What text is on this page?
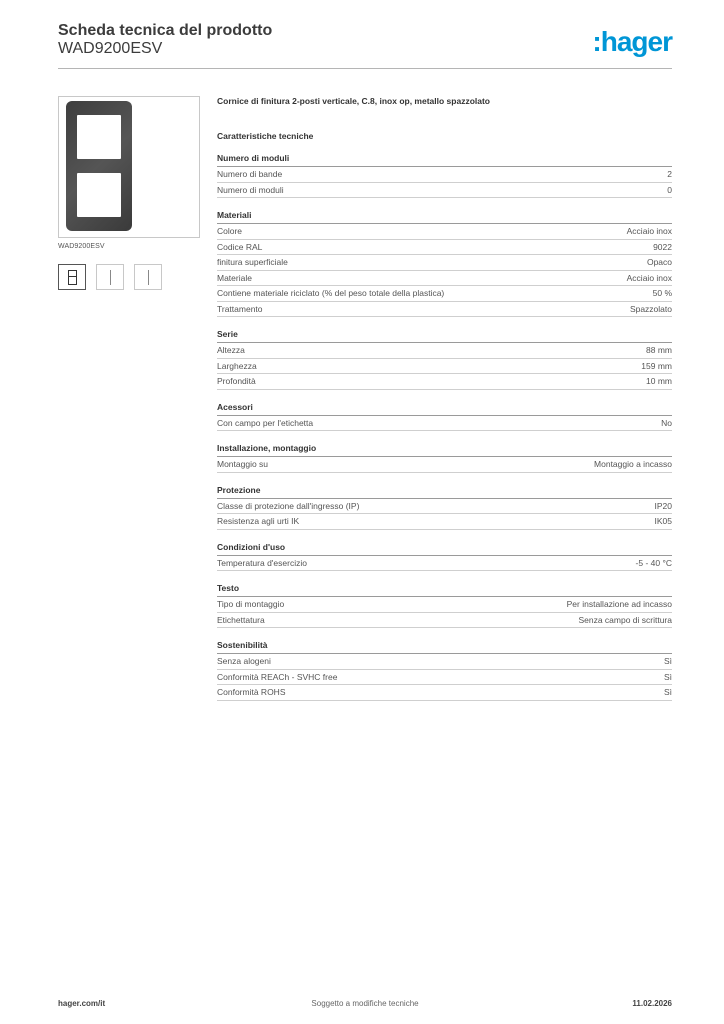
Scheda tecnica del prodotto
WAD9200ESV	:hager
WAD9200ESV
Cornice di finitura 2-posti verticale, C.8, inox op, metallo spazzolato
Caratteristiche tecniche
Numero di moduli
Numero di bande	2
Numero di moduli	0
Materiali
Colore	Acciaio inox
Codice RAL	9022
finitura superficiale	Opaco
Materiale	Acciaio inox
Contiene materiale riciclato (% del peso totale della plastica)	50 %
Trattamento	Spazzolato
Serie
Altezza	88 mm
Larghezza	159 mm
Profondità	10 mm
Acessori
Con campo per l'etichetta	No
Installazione, montaggio
Montaggio su	Montaggio a incasso
Protezione
Classe di protezione dall'ingresso (IP)	IP20
Resistenza agli urti IK	IK05
Condizioni d'uso
Temperatura d'esercizio	-5 - 40 °C
Testo
Tipo di montaggio	Per installazione ad incasso
Etichettatura	Senza campo di scrittura
Sostenibilità
Senza alogeni	Sì
Conformità REACh - SVHC free	Sì
Conformità ROHS	Sì
hager.com/it	Soggetto a modifiche tecniche	11.02.2026
